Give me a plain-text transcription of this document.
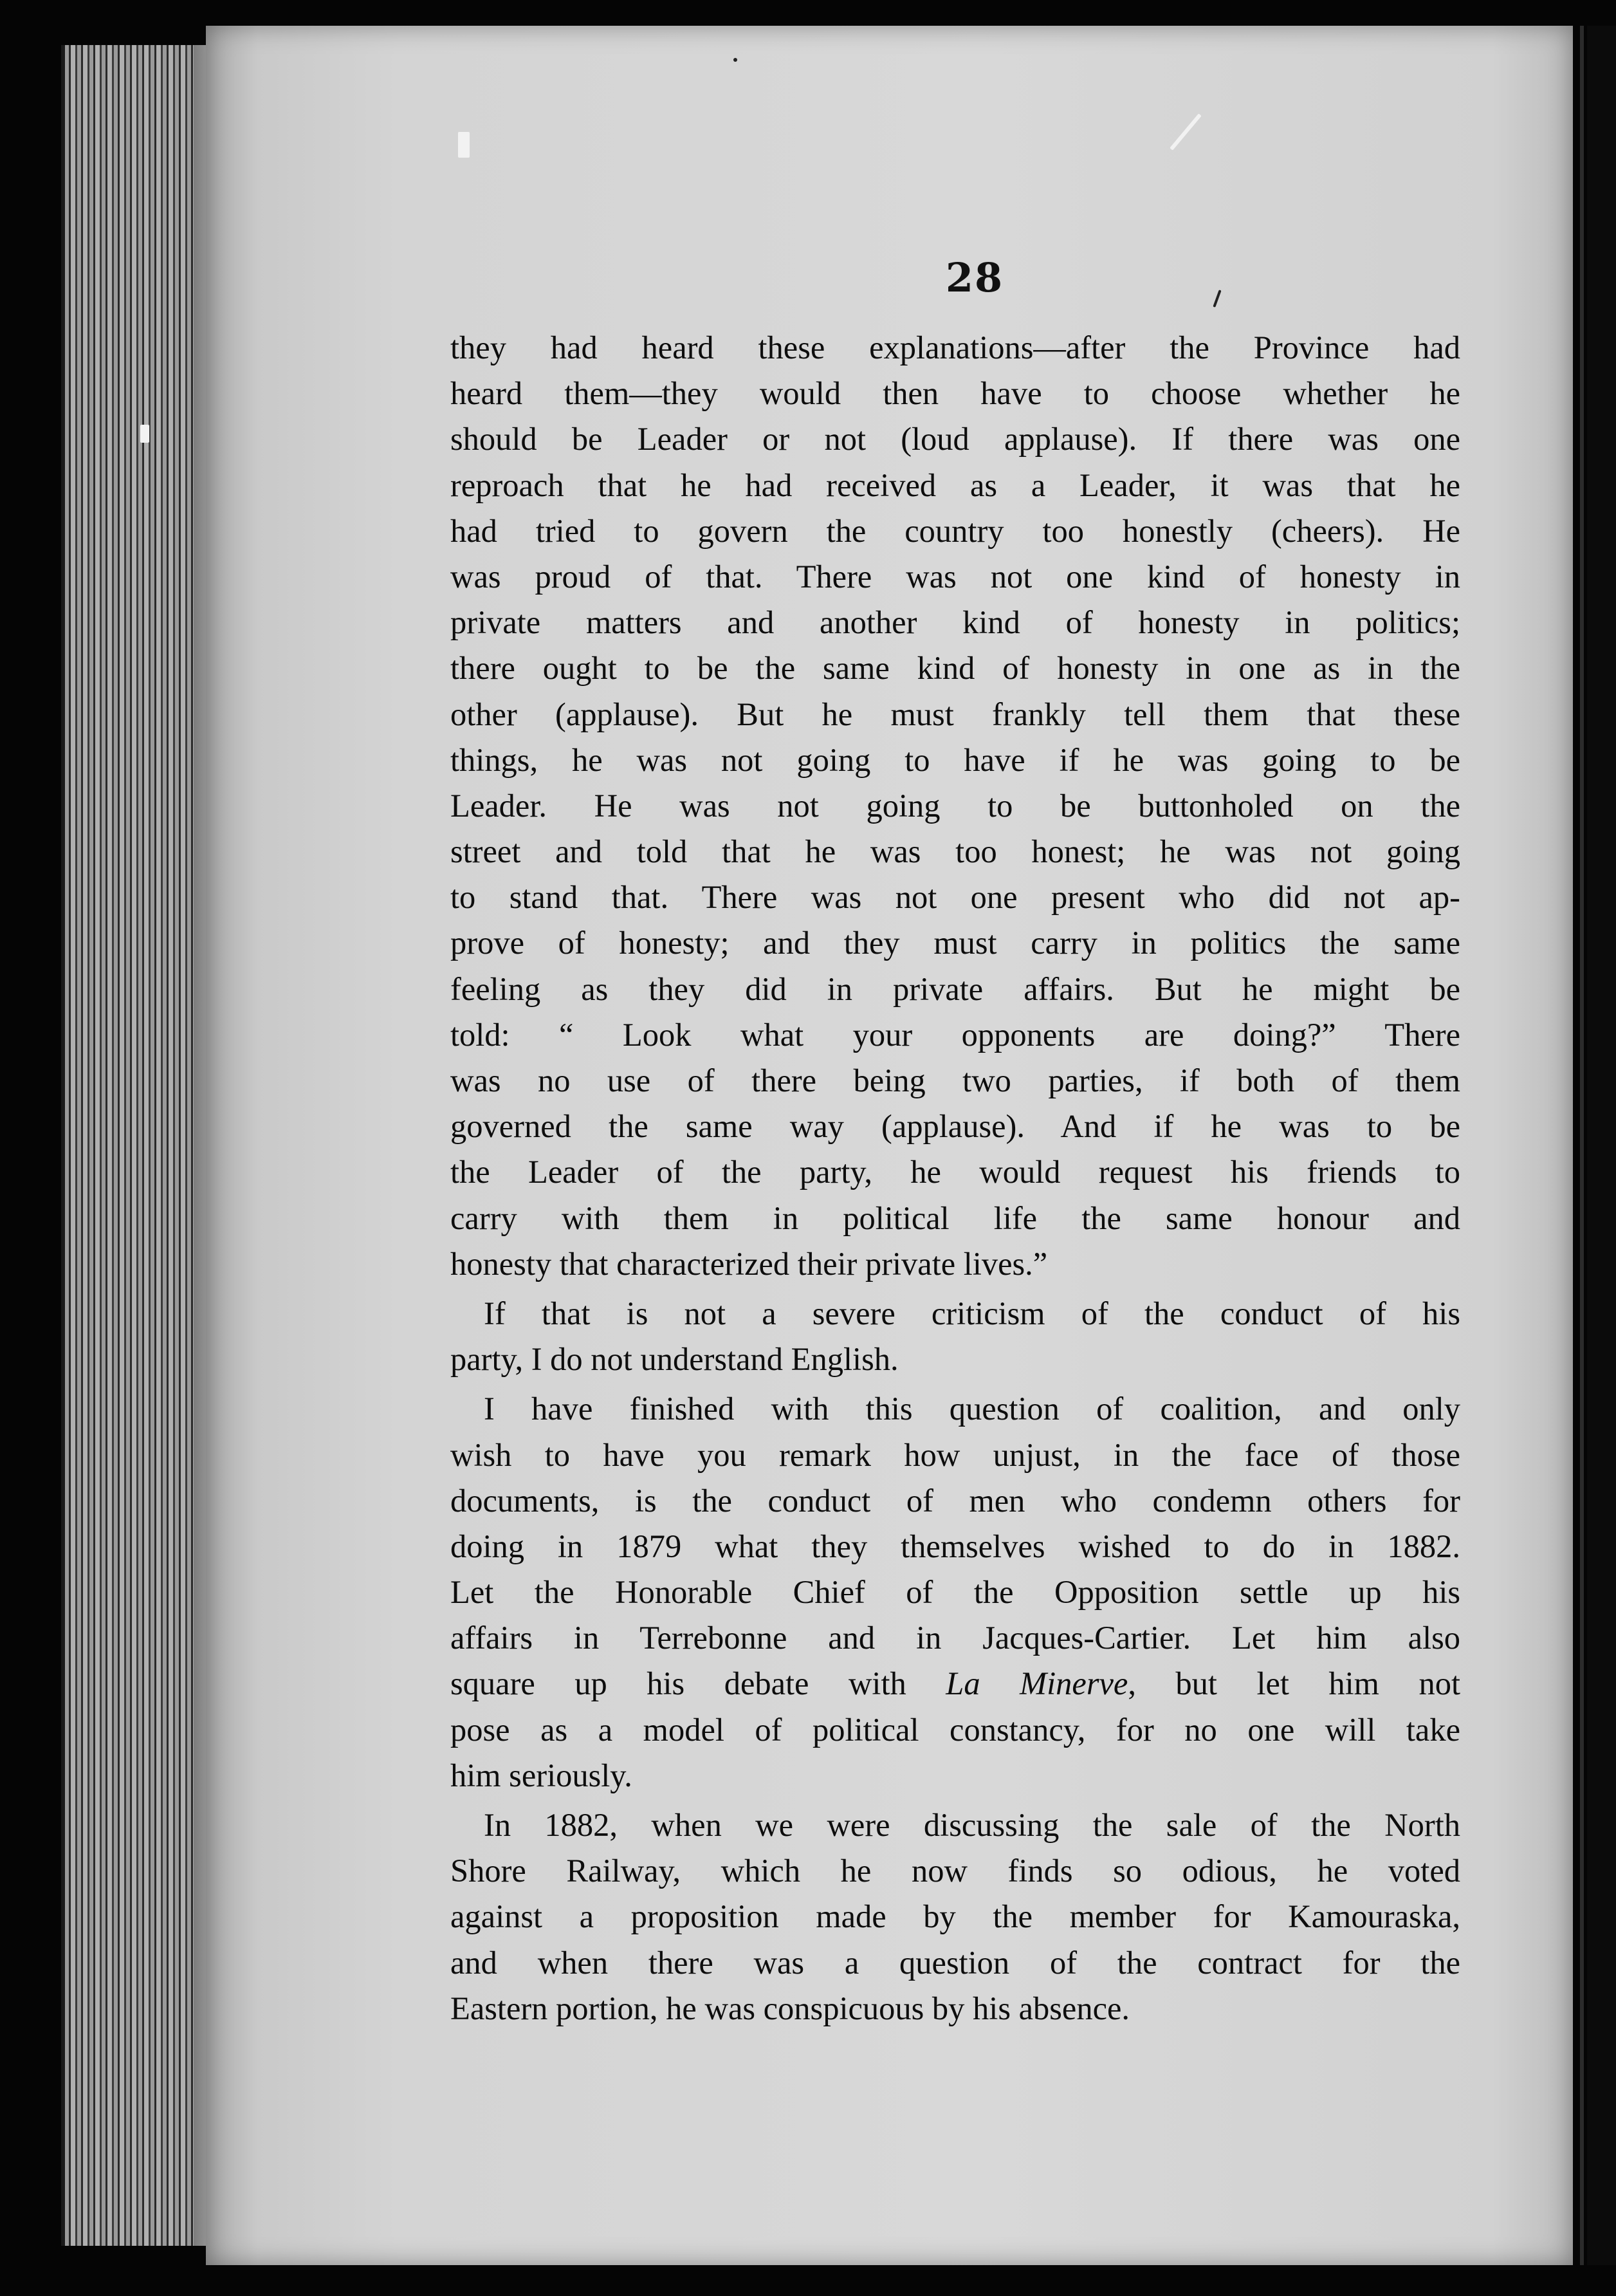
28
they had heard these explanations—after the Province had
heard them—they would then have to choose whether he
should be Leader or not (loud applause). If there was one
reproach that he had received as a Leader, it was that he
had tried to govern the country too honestly (cheers). He
was proud of that. There was not one kind of honesty in
private matters and another kind of honesty in politics;
there ought to be the same kind of honesty in one as in the
other (applause). But he must frankly tell them that these
things, he was not going to have if he was going to be
Leader. He was not going to be buttonholed on the
street and told that he was too honest; he was not going
to stand that. There was not one present who did not ap-
prove of honesty; and they must carry in politics the same
feeling as they did in private affairs. But he might be
told: “ Look what your opponents are doing?” There
was no use of there being two parties, if both of them
governed the same way (applause). And if he was to be
the Leader of the party, he would request his friends to
carry with them in political life the same honour and
honesty that characterized their private lives.”
If that is not a severe criticism of the conduct of his
party, I do not understand English.
I have finished with this question of coalition, and only
wish to have you remark how unjust, in the face of those
documents, is the conduct of men who condemn others for
doing in 1879 what they themselves wished to do in 1882.
Let the Honorable Chief of the Opposition settle up his
affairs in Terrebonne and in Jacques-Cartier. Let him also
square up his debate with La Minerve, but let him not
pose as a model of political constancy, for no one will take
him seriously.
In 1882, when we were discussing the sale of the North
Shore Railway, which he now finds so odious, he voted
against a proposition made by the member for Kamouraska,
and when there was a question of the contract for the
Eastern portion, he was conspicuous by his absence.
